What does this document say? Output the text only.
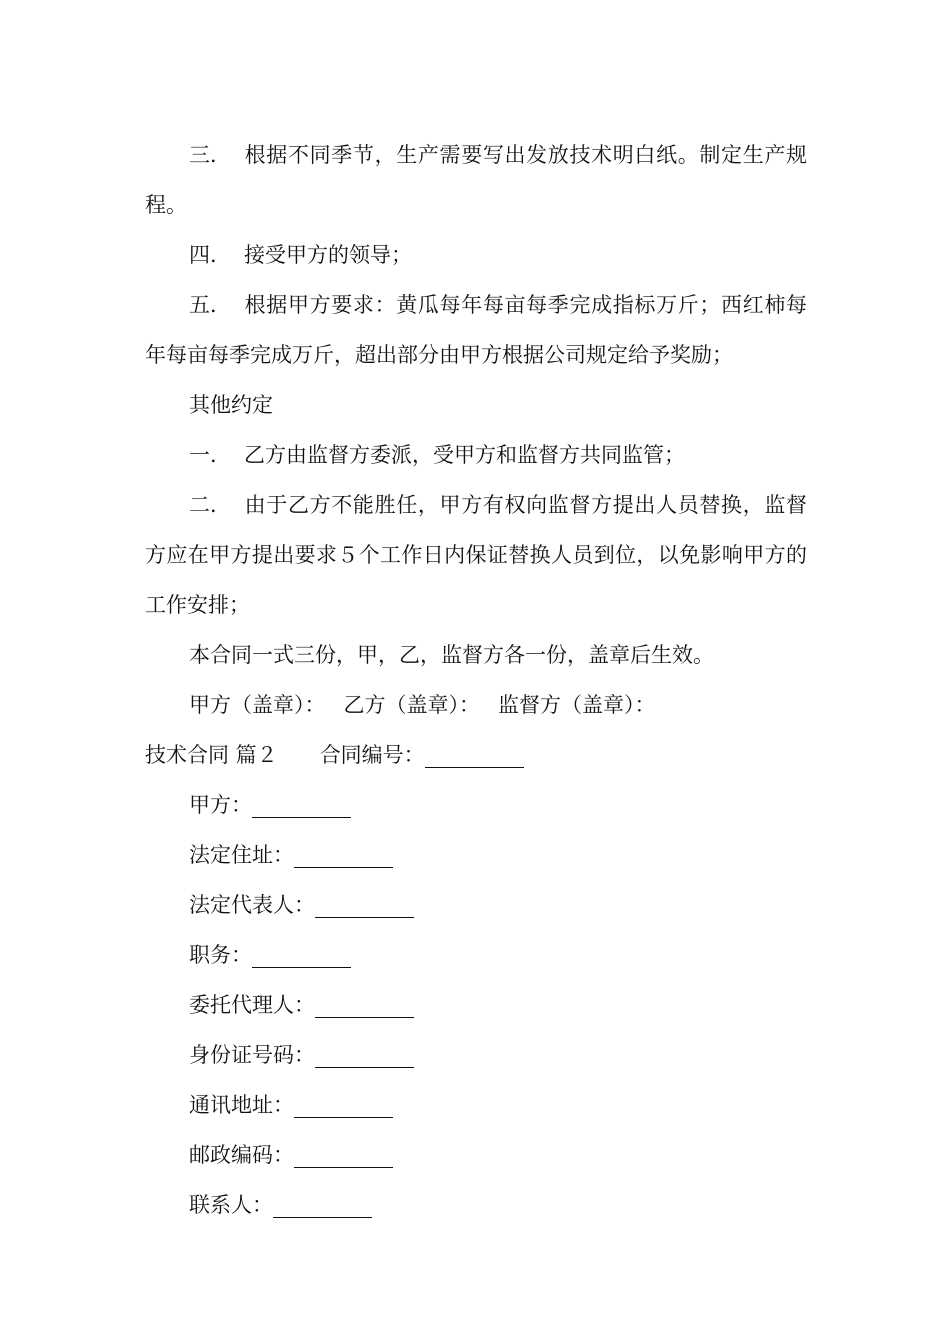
三． 根据不同季节，生产需要写出发放技术明白纸。制定生产规程。

四． 接受甲方的领导；

五． 根据甲方要求：黄瓜每年每亩每季完成指标万斤；西红柿每年每亩每季完成万斤，超出部分由甲方根据公司规定给予奖励；

其他约定

一． 乙方由监督方委派，受甲方和监督方共同监管；

二． 由于乙方不能胜任，甲方有权向监督方提出人员替换，监督方应在甲方提出要求５个工作日内保证替换人员到位，以免影响甲方的工作安排；

本合同一式三份，甲，乙，监督方各一份，盖章后生效。

甲方（盖章）： 乙方（盖章）： 监督方（盖章）：

技术合同 篇２ 合同编号：

甲方：

法定住址：

法定代表人：

职务：

委托代理人：

身份证号码：

通讯地址：

邮政编码：

联系人：
